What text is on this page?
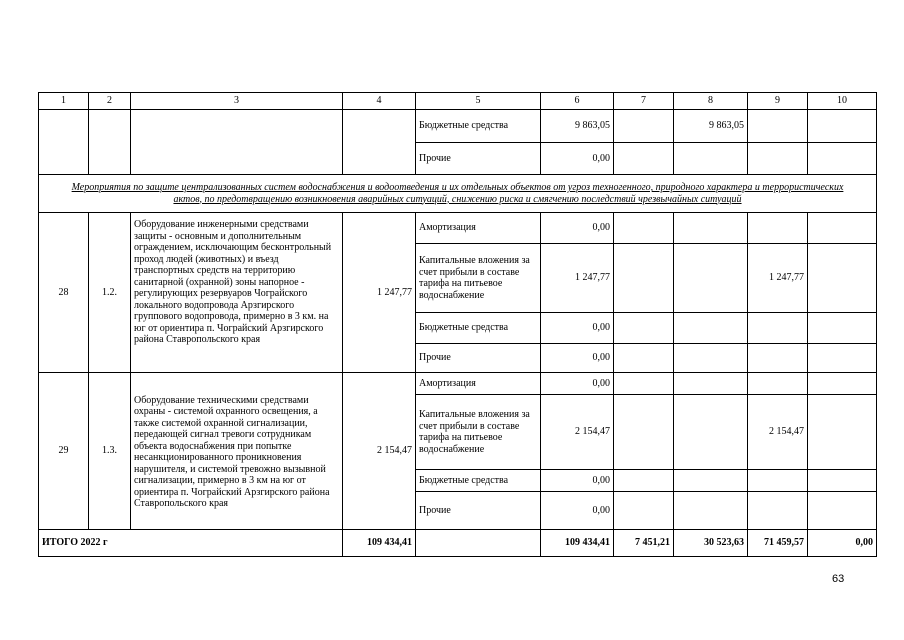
1	2	3	4	5	6	7	8	9	10
				Бюджетные средства	9 863,05		9 863,05		
				Прочие	0,00				
Мероприятия по защите централизованных систем водоснабжения и водоотведения и их отдельных объектов от угроз техногенного, природного характера и террористических актов, по предотвращению возникновения аварийных ситуаций, снижению риска и смягчению последствий чрезвычайных ситуаций									
28	1.2.	Оборудование инженерными средствами защиты - основным и дополнительным ограждением, исключающим бесконтрольный проход людей (животных) и въезд транспортных средств на территорию санитарной (охранной) зоны напорное - регулирующих резервуаров Чограйского локального водопровода Арзгирского группового водопровода, примерно в 3 км. на юг от ориентира п. Чограйский Арзгирского района Ставропольского края	1 247,77	Амортизация	0,00				
				Капитальные вложения за счет прибыли в составе тарифа на питьевое водоснабжение	1 247,77			1 247,77	
				Бюджетные средства	0,00				
				Прочие	0,00				
29	1.3.	Оборудование техническими средствами охраны - системой охранного освещения, а также системой охранной сигнализации, передающей сигнал тревоги сотрудникам объекта водоснабжения при попытке несанкционированного проникновения нарушителя, и системой тревожно вызывной сигнализации, примерно в 3 км на юг от ориентира п. Чограйский Арзгирского района Ставропольского края	2 154,47	Амортизация	0,00				
				Капитальные вложения за счет прибыли в составе тарифа на питьевое водоснабжение	2 154,47			2 154,47	
				Бюджетные средства	0,00				
				Прочие	0,00				
ИТОГО 2022 г			109 434,41		109 434,41	7 451,21	30 523,63	71 459,57	0,00
63
